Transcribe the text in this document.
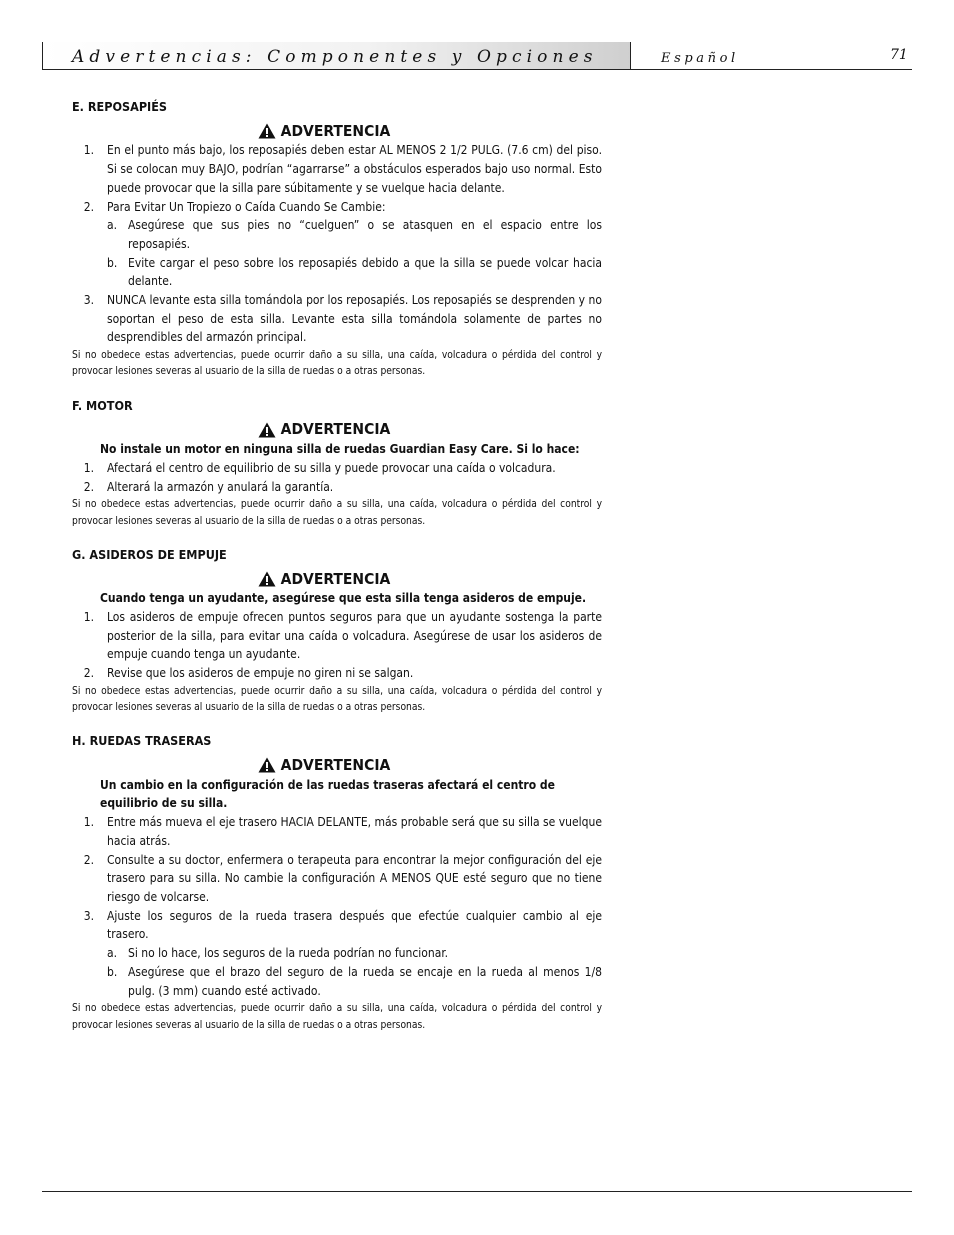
Advertencias: Componentes y Opciones	Español	71

E. REPOSAPIÉS

ADVERTENCIA
1.	En el punto más bajo, los reposapiés deben estar AL MENOS 2 1/2 PULG. (7.6 cm) del piso. Si se colocan muy BAJO, podrían “agarrarse” a obstáculos esperados bajo uso normal. Esto puede provocar que la silla pare súbitamente y se vuelque hacia delante.
2.	Para Evitar Un Tropiezo o Caída Cuando Se Cambie:
a. Asegúrese que sus pies no “cuelguen” o se atasquen en el espacio entre los reposapiés.
b. Evite cargar el peso sobre los reposapiés debido a que la silla se puede volcar hacia delante.
3.	NUNCA levante esta silla tomándola por los reposapiés. Los reposapiés se desprenden y no soportan el peso de esta silla. Levante esta silla tomándola solamente de partes no desprendibles del armazón principal.

Si no obedece estas advertencias, puede ocurrir daño a su silla, una caída, volcadura o pérdida del control y provocar lesiones severas al usuario de la silla de ruedas o a otras personas.

F. MOTOR

ADVERTENCIA

No instale un motor en ninguna silla de ruedas Guardian Easy Care. Si lo hace:

1.	Afectará el centro de equilibrio de su silla y puede provocar una caída o volcadura.
2.	Alterará la armazón y anulará la garantía.

Si no obedece estas advertencias, puede ocurrir daño a su silla, una caída, volcadura o pérdida del control y provocar lesiones severas al usuario de la silla de ruedas o a otras personas.

G. ASIDEROS DE EMPUJE

ADVERTENCIA

Cuando tenga un ayudante, asegúrese que esta silla tenga asideros de empuje.

1.	Los asideros de empuje ofrecen puntos seguros para que un ayudante sostenga la parte posterior de la silla, para evitar una caída o volcadura. Asegúrese de usar los asideros de empuje cuando tenga un ayudante.
2.	Revise que los asideros de empuje no giren ni se salgan.

Si no obedece estas advertencias, puede ocurrir daño a su silla, una caída, volcadura o pérdida del control y provocar lesiones severas al usuario de la silla de ruedas o a otras personas.

H. RUEDAS TRASERAS

ADVERTENCIA

Un cambio en la configuración de las ruedas traseras afectará el centro de equilibrio de su silla.

1.	Entre más mueva el eje trasero HACIA DELANTE, más probable será que su silla se vuelque hacia atrás.
2.	Consulte a su doctor, enfermera o terapeuta para encontrar la mejor configuración del eje trasero para su silla. No cambie la configuración A MENOS QUE esté seguro que no tiene riesgo de volcarse.
3.	Ajuste los seguros de la rueda trasera después que efectúe cualquier cambio al eje trasero.
a. Si no lo hace, los seguros de la rueda podrían no funcionar.
b. Asegúrese que el brazo del seguro de la rueda se encaje en la rueda al menos 1/8 pulg. (3 mm) cuando esté activado.

Si no obedece estas advertencias, puede ocurrir daño a su silla, una caída, volcadura o pérdida del control y provocar lesiones severas al usuario de la silla de ruedas o a otras personas.
